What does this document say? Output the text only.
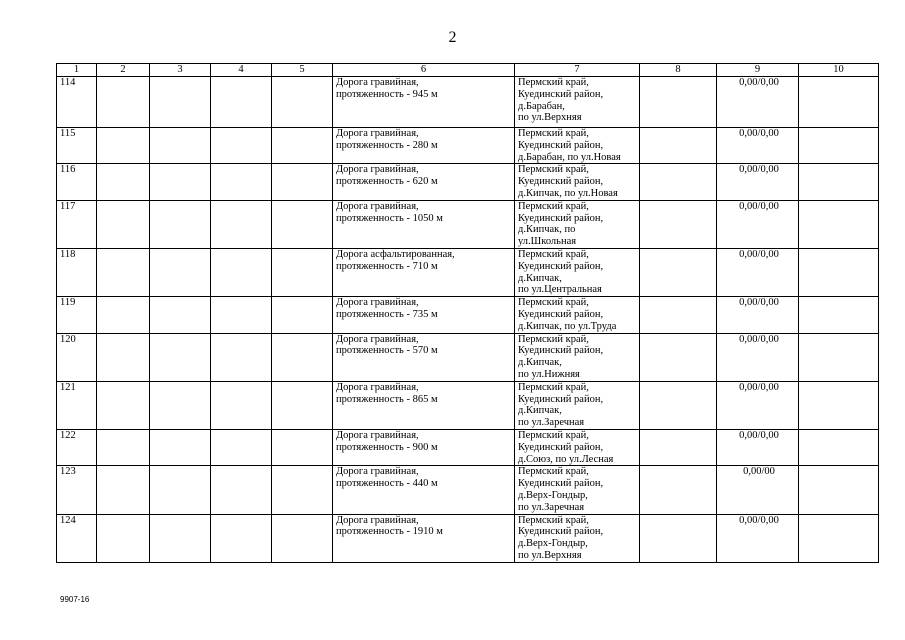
2
1	2	3	4	5	6	7	8	9	10
114					Дорога гравийная,
протяженность - 945 м	Пермский край,
Куединский район,
д.Барабан,
по ул.Верхняя		0,00/0,00	
115					Дорога гравийная,
протяженность - 280 м	Пермский край,
Куединский район,
д.Барабан, по ул.Новая		0,00/0,00	
116					Дорога гравийная,
протяженность - 620 м	Пермский край,
Куединский район,
д.Кипчак, по ул.Новая		0,00/0,00	
117					Дорога гравийная,
протяженность - 1050 м	Пермский край,
Куединский район,
д.Кипчак, по
ул.Школьная		0,00/0,00	
118					Дорога асфальтированная,
протяженность - 710 м	Пермский край,
Куединский район,
д.Кипчак,
по ул.Центральная		0,00/0,00	
119					Дорога гравийная,
протяженность - 735 м	Пермский край,
Куединский район,
д.Кипчак, по ул.Труда		0,00/0,00	
120					Дорога гравийная,
протяженность - 570 м	Пермский край,
Куединский район,
д.Кипчак,
по ул.Нижняя		0,00/0,00	
121					Дорога гравийная,
протяженность - 865 м	Пермский край,
Куединский район,
д.Кипчак,
по ул.Заречная		0,00/0,00	
122					Дорога гравийная,
протяженность - 900 м	Пермский край,
Куединский район,
д.Союз, по ул.Лесная		0,00/0,00	
123					Дорога гравийная,
протяженность - 440 м	Пермский край,
Куединский район,
д.Верх-Гондыр,
по ул.Заречная		0,00/00	
124					Дорога гравийная,
протяженность - 1910 м	Пермский край,
Куединский район,
д.Верх-Гондыр,
по ул.Верхняя		0,00/0,00	
9907-16
